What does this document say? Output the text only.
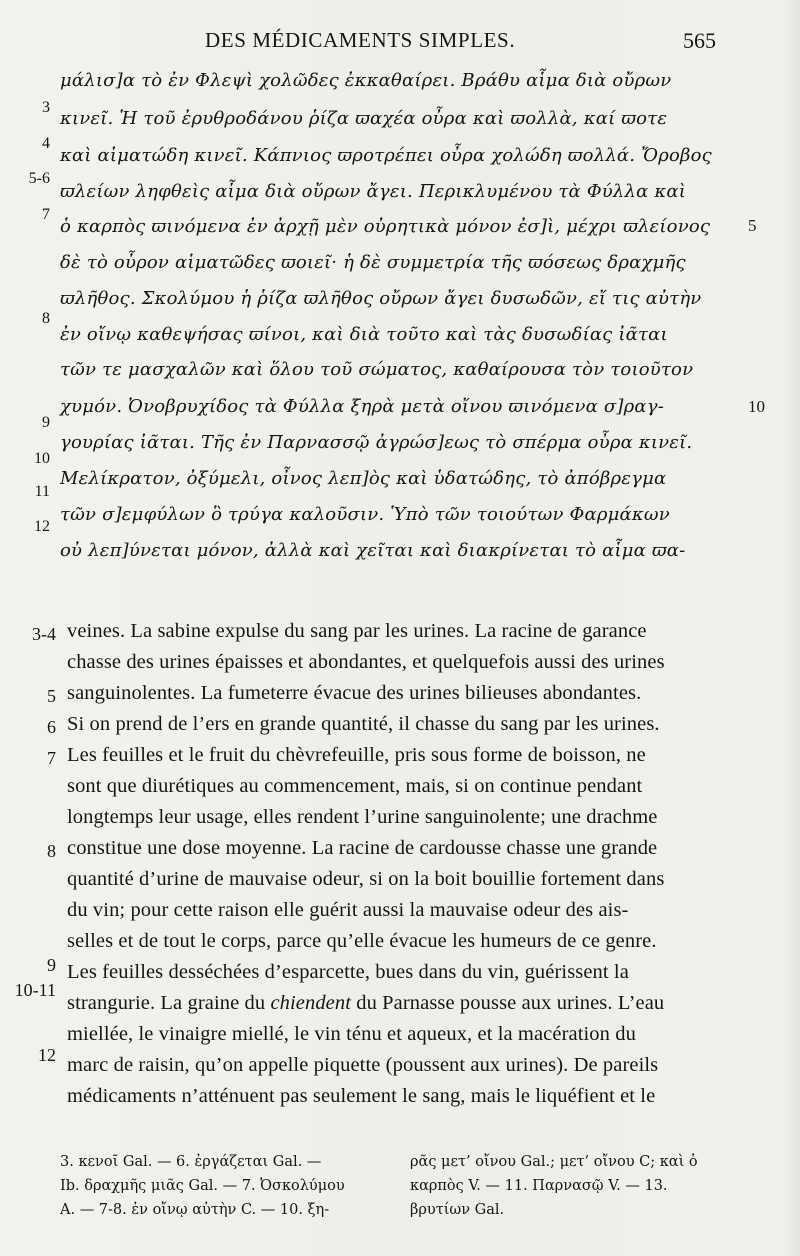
DES MÉDICAMENTS SIMPLES.	565
3
μάλισ]α τὸ ἐν Φλεψὶ χολῶδες ἐκκαθαίρει. Βράθυ αἷμα διὰ οὔρων
4
κινεῖ. Ἡ τοῦ ἐρυθροδάνου ῥίζα ϖαχέα οὖρα καὶ ϖολλὰ, καί ϖοτε
5-6
καὶ αἱματώδη κινεῖ. Κάπνιος ϖροτρέπει οὖρα χολώδη ϖολλά. Ὄροβος
7
ϖλείων ληφθεὶς αἷμα διὰ οὔρων ἄγει. Περικλυμένου τὰ Φύλλα καὶ
ὁ καρπὸς ϖινόμενα ἐν ἀρχῇ μὲν οὐρητικὰ μόνον ἐσ]ὶ, μέχρι ϖλείονος	5
δὲ τὸ οὖρον αἱματῶδες ϖοιεῖ· ἡ δὲ συμμετρία τῆς ϖόσεως δραχμῆς
8
ϖλῆθος. Σκολύμου ἡ ῥίζα ϖλῆθος οὔρων ἄγει δυσωδῶν, εἴ τις αὐτὴν
ἐν οἴνῳ καθεψήσας ϖίνοι, καὶ διὰ τοῦτο καὶ τὰς δυσωδίας ἰᾶται
τῶν τε μασχαλῶν καὶ ὅλου τοῦ σώματος, καθαίρουσα τὸν τοιοῦτον
9
χυμόν. Ὀνοβρυχίδος τὰ Φύλλα ξηρὰ μετὰ οἴνου ϖινόμενα σ]ραγ-	10
10
γουρίας ἰᾶται. Τῆς ἐν Παρνασσῷ ἀγρώσ]εως τὸ σπέρμα οὖρα κινεῖ.
11
Μελίκρατον, ὀξύμελι, οἶνος λεπ]ὸς καὶ ὑδατώδης, τὸ ἀπόβρεγμα
12
τῶν σ]εμφύλων ὃ τρύγα καλοῦσιν. Ὑπὸ τῶν τοιούτων Φαρμάκων
οὐ λεπ]ύνεται μόνον, ἀλλὰ καὶ χεῖται καὶ διακρίνεται τὸ αἷμα ϖα-
3-4 veines. La sabine expulse du sang par les urines. La racine de garance
chasse des urines épaisses et abondantes, et quelquefois aussi des urines
5 sanguinolentes. La fumeterre évacue des urines bilieuses abondantes.
6 Si on prend de l’ers en grande quantité, il chasse du sang par les urines.
7 Les feuilles et le fruit du chèvrefeuille, pris sous forme de boisson, ne
sont que diurétiques au commencement, mais, si on continue pendant
longtemps leur usage, elles rendent l’urine sanguinolente; une drachme
8 constitue une dose moyenne. La racine de cardousse chasse une grande
quantité d’urine de mauvaise odeur, si on la boit bouillie fortement dans
du vin; pour cette raison elle guérit aussi la mauvaise odeur des ais-
selles et de tout le corps, parce qu’elle évacue les humeurs de ce genre.
9 Les feuilles desséchées d’esparcette, bues dans du vin, guérissent la
10-11
strangurie. La graine du chiendent du Parnasse pousse aux urines. L’eau
miellée, le vinaigre miellé, le vin ténu et aqueux, et la macération du
12 marc de raisin, qu’on appelle piquette (poussent aux urines). De pareils
médicaments n’atténuent pas seulement le sang, mais le liquéfient et le
3. κενοῖ Gal. — 6. ἐργάζεται Gal. —
Ib. δραχμῆς μιᾶς Gal. — 7. Ὀσκολύμου
A. — 7-8. ἐν οἴνῳ αὐτὴν C. — 10. ξη-
ρᾶς μετ’ οἴνου Gal.; μετ’ οἴνου C; καὶ ὁ
καρπὸς V. — 11. Παρνασῷ V. — 13.
βρυτίων Gal.
